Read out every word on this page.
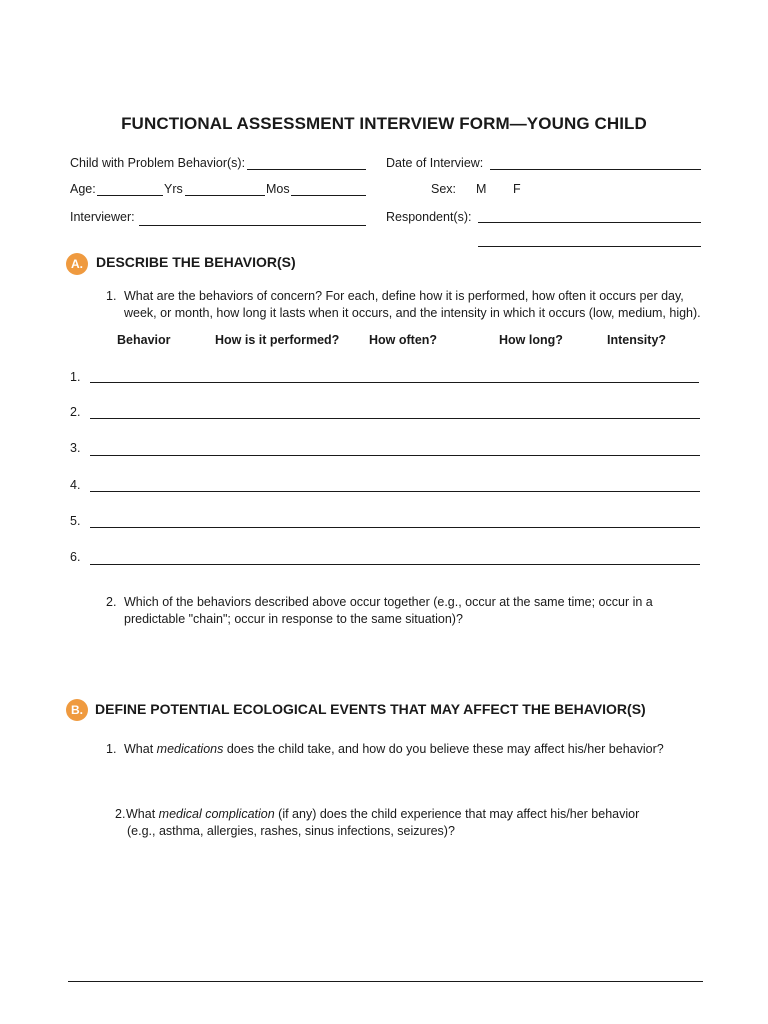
FUNCTIONAL ASSESSMENT INTERVIEW FORM—YOUNG CHILD
Child with Problem Behavior(s):	Date of Interview:
Age:	Yrs	Mos	Sex: M F
Interviewer:	Respondent(s):
A. DESCRIBE THE BEHAVIOR(S)
1. What are the behaviors of concern? For each, define how it is performed, how often it occurs per day, week, or month, how long it lasts when it occurs, and the intensity in which it occurs (low, medium, high).
Behavior	How is it performed? How often?	How long?	Intensity?
1.
2.
3.
4.
5.
6.
2. Which of the behaviors described above occur together (e.g., occur at the same time; occur in a predictable "chain"; occur in response to the same situation)?
B. DEFINE POTENTIAL ECOLOGICAL EVENTS THAT MAY AFFECT THE BEHAVIOR(S)
1. What medications does the child take, and how do you believe these may affect his/her behavior?
2. What medical complication (if any) does the child experience that may affect his/her behavior
(e.g., asthma, allergies, rashes, sinus infections, seizures)?
